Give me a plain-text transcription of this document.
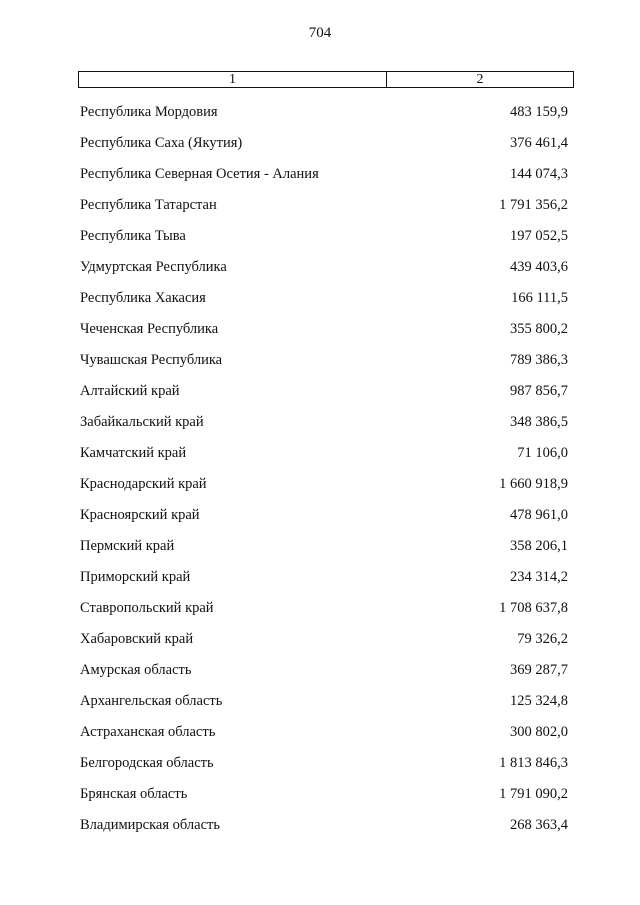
704
1	2
Республика Мордовия	483 159,9
Республика Саха (Якутия)	376 461,4
Республика Северная Осетия - Алания	144 074,3
Республика Татарстан	1 791 356,2
Республика Тыва	197 052,5
Удмуртская Республика	439 403,6
Республика Хакасия	166 111,5
Чеченская Республика	355 800,2
Чувашская Республика	789 386,3
Алтайский край	987 856,7
Забайкальский край	348 386,5
Камчатский край	71 106,0
Краснодарский край	1 660 918,9
Красноярский край	478 961,0
Пермский край	358 206,1
Приморский край	234 314,2
Ставропольский край	1 708 637,8
Хабаровский край	79 326,2
Амурская область	369 287,7
Архангельская область	125 324,8
Астраханская область	300 802,0
Белгородская область	1 813 846,3
Брянская область	1 791 090,2
Владимирская область	268 363,4
